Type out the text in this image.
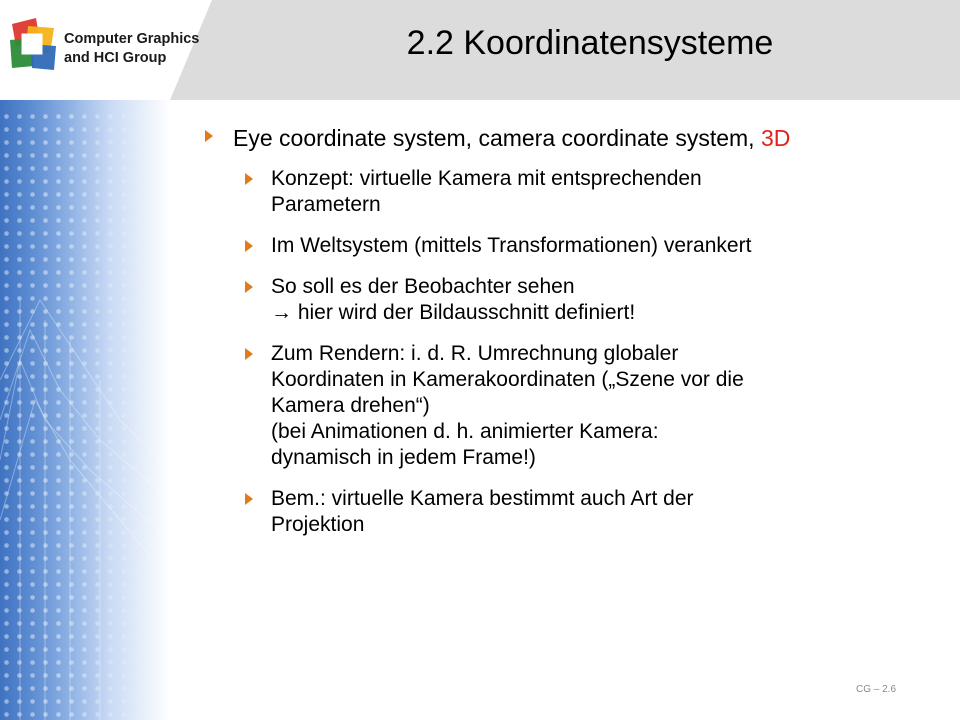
Computer Graphics
and HCI Group	2.2 Koordinatensysteme
Eye coordinate system, camera coordinate system, 3D
Konzept: virtuelle Kamera mit entsprechenden
Parametern
Im Weltsystem (mittels Transformationen) verankert
So soll es der Beobachter sehen
→ hier wird der Bildausschnitt definiert!
Zum Rendern: i. d. R. Umrechnung globaler
Koordinaten in Kamerakoordinaten („Szene vor die
Kamera drehen“)
(bei Animationen d. h. animierter Kamera:
dynamisch in jedem Frame!)
Bem.: virtuelle Kamera bestimmt auch Art der
Projektion
CG – 2.6
